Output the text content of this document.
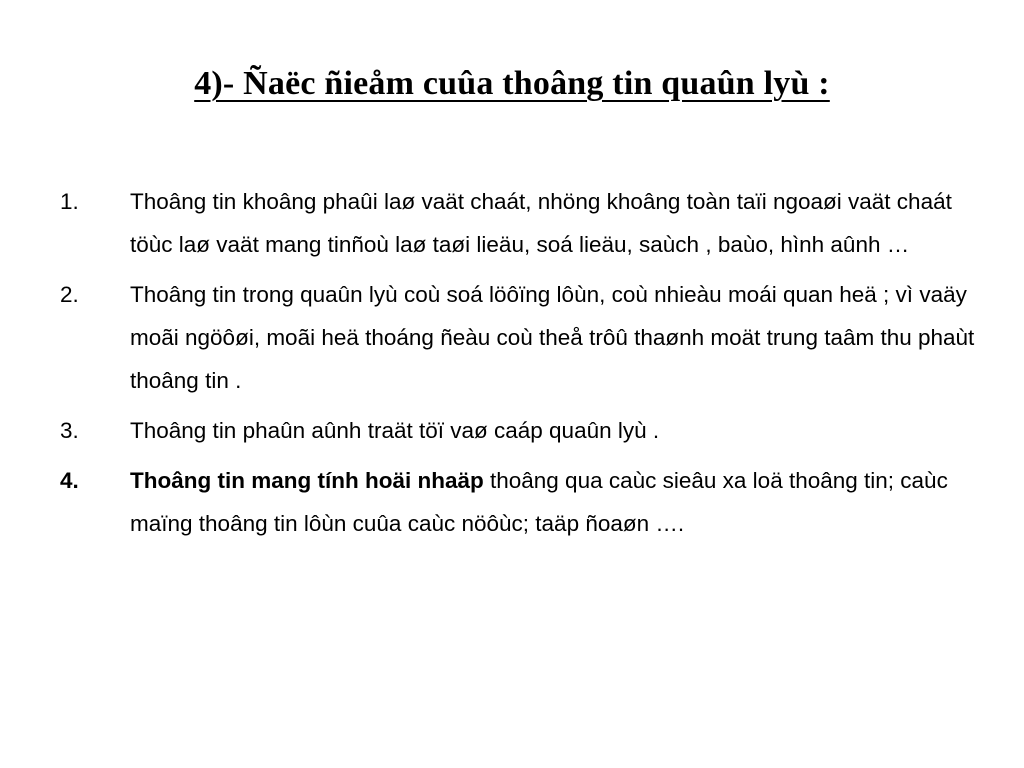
4)- Ñaëc ñieåm cuûa thoâng tin quaûn lyù :
1. Thoâng tin khoâng phaûi laø vaät chaát, nhöng khoâng toàn taïi ngoaøi vaät chaát töùc laø vaät mang tinñoù laø taøi lieäu, soá lieäu, saùch , baùo, hình aûnh …
2. Thoâng tin trong quaûn lyù coù soá löôïng lôùn, coù nhieàu moái quan heä ; vì vaäy moãi ngöôøi, moãi heä thoáng ñeàu coù theå trôû thaønh moät trung taâm thu phaùt thoâng tin .
3. Thoâng tin phaûn aûnh traät töï vaø caáp quaûn lyù .
4. Thoâng tin mang tính hoäi nhaäp thoâng qua caùc sieâu xa loä thoâng tin; caùc maïng thoâng tin lôùn cuûa caùc nöôùc; taäp ñoaøn ….
